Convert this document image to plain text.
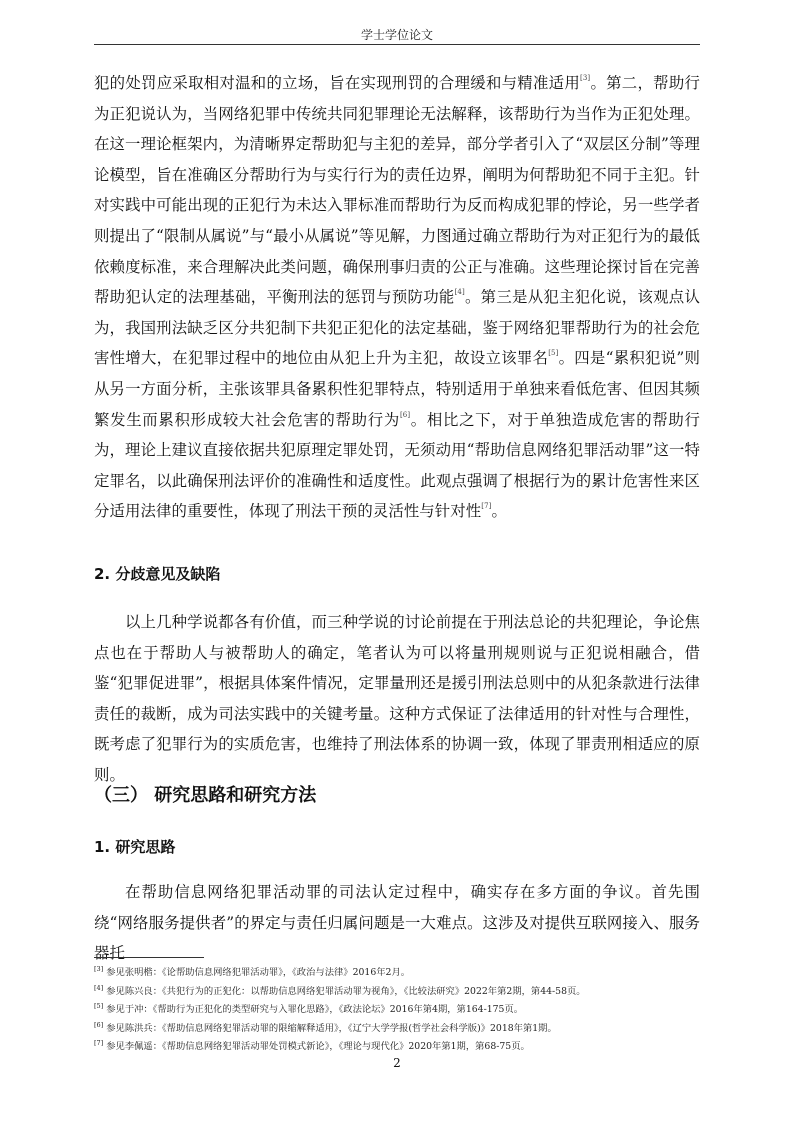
学士学位论文

犯的处罚应采取相对温和的立场，旨在实现刑罚的合理缓和与精准适用[3]。第二，帮助行为正犯说认为，当网络犯罪中传统共同犯罪理论无法解释，该帮助行为当作为正犯处理。在这一理论框架内，为清晰界定帮助犯与主犯的差异，部分学者引入了“双层区分制”等理论模型，旨在准确区分帮助行为与实行行为的责任边界，阐明为何帮助犯不同于主犯。针对实践中可能出现的正犯行为未达入罪标准而帮助行为反而构成犯罪的悖论，另一些学者则提出了“限制从属说”与“最小从属说”等见解，力图通过确立帮助行为对正犯行为的最低依赖度标准，来合理解决此类问题，确保刑事归责的公正与准确。这些理论探讨旨在完善帮助犯认定的法理基础，平衡刑法的惩罚与预防功能[4]。第三是从犯主犯化说，该观点认为，我国刑法缺乏区分共犯制下共犯正犯化的法定基础，鉴于网络犯罪帮助行为的社会危害性增大，在犯罪过程中的地位由从犯上升为主犯，故设立该罪名[5]。四是“累积犯说”则从另一方面分析，主张该罪具备累积性犯罪特点，特别适用于单独来看低危害、但因其频繁发生而累积形成较大社会危害的帮助行为[6]。相比之下，对于单独造成危害的帮助行为，理论上建议直接依据共犯原理定罪处罚，无须动用“帮助信息网络犯罪活动罪”这一特定罪名，以此确保刑法评价的准确性和适度性。此观点强调了根据行为的累计危害性来区分适用法律的重要性，体现了刑法干预的灵活性与针对性[7]。

2. 分歧意见及缺陷

以上几种学说都各有价值，而三种学说的讨论前提在于刑法总论的共犯理论，争论焦点也在于帮助人与被帮助人的确定，笔者认为可以将量刑规则说与正犯说相融合，借鉴“犯罪促进罪”，根据具体案件情况，定罪量刑还是援引刑法总则中的从犯条款进行法律责任的裁断，成为司法实践中的关键考量。这种方式保证了法律适用的针对性与合理性，既考虑了犯罪行为的实质危害，也维持了刑法体系的协调一致，体现了罪责刑相适应的原则。

（三） 研究思路和研究方法
1. 研究思路

在帮助信息网络犯罪活动罪的司法认定过程中，确实存在多方面的争议。首先围绕“网络服务提供者”的界定与责任归属问题是一大难点。这涉及对提供互联网接入、服务器托

[3] 参见张明楷：《论帮助信息网络犯罪活动罪》，《政治与法律》2016年2月。
[4] 参见陈兴良：《共犯行为的正犯化：以帮助信息网络犯罪活动罪为视角》，《比较法研究》2022年第2期，第44-58页。
[5] 参见于冲：《帮助行为正犯化的类型研究与入罪化思路》，《政法论坛》2016年第4期，第164-175页。
[6] 参见陈洪兵：《帮助信息网络犯罪活动罪的限缩解释适用》，《辽宁大学学报(哲学社会科学版)》2018年第1期。
[7] 参见李佩遥：《帮助信息网络犯罪活动罪处罚模式新论》，《理论与现代化》2020年第1期，第68-75页。
2
